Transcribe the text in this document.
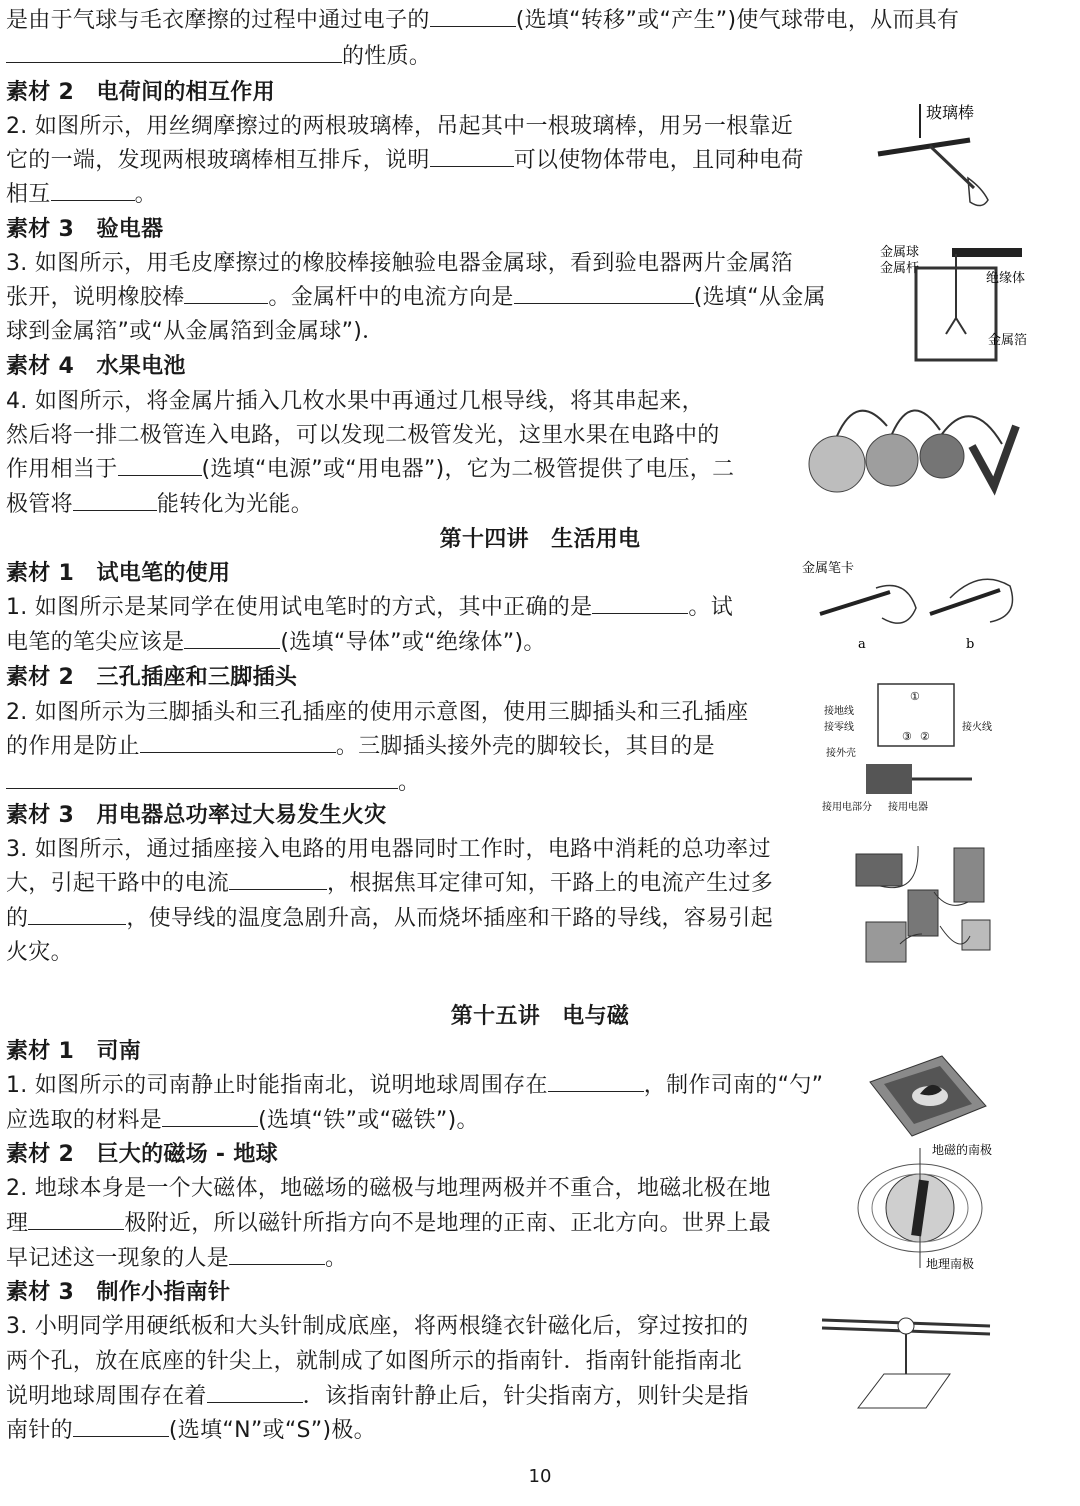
是由于气球与毛衣摩擦的过程中通过电子的	(选填“转移”或“产生”)使气球带电，从而具有
的性质。
素材 2　电荷间的相互作用
2. 如图所示，用丝绸摩擦过的两根玻璃棒，吊起其中一根玻璃棒，用另一根靠近
它的一端，发现两根玻璃棒相互排斥，说明	可以使物体带电，且同种电荷
相互	。
素材 3　验电器
3. 如图所示，用毛皮摩擦过的橡胶棒接触验电器金属球，看到验电器两片金属箔
张开，说明橡胶棒	。金属杆中的电流方向是	(选填“从金属
球到金属箔”或“从金属箔到金属球”)．
素材 4　水果电池
4. 如图所示，将金属片插入几枚水果中再通过几根导线，将其串起来，
然后将一排二极管连入电路，可以发现二极管发光，这里水果在电路中的
作用相当于	(选填“电源”或“用电器”)，它为二极管提供了电压，二
极管将	能转化为光能。
玻璃棒
金属球
金属杆
绝缘体
金属箔
第十四讲　生活用电
素材 1　试电笔的使用
1. 如图所示是某同学在使用试电笔时的方式，其中正确的是	。试
电笔的笔尖应该是	(选填“导体”或“绝缘体”)。
素材 2　三孔插座和三脚插头
2. 如图所示为三脚插头和三孔插座的使用示意图，使用三脚插头和三孔插座
的作用是防止	。三脚插头接外壳的脚较长，其目的是
。
素材 3　用电器总功率过大易发生火灾
3. 如图所示，通过插座接入电路的用电器同时工作时，电路中消耗的总功率过
大，引起干路中的电流	，根据焦耳定律可知，干路上的电流产生过多
的	，使导线的温度急剧升高，从而烧坏插座和干路的导线，容易引起
火灾。
金属笔卡
a	b
接地线
接零线	接火线
①
③ ②
接外壳
接用电部分 接用电器
第十五讲　电与磁
素材 1　司南
1. 如图所示的司南静止时能指南北，说明地球周围存在	，制作司南的“勺”
应选取的材料是	(选填“铁”或“磁铁”)。
素材 2　巨大的磁场 - 地球
2. 地球本身是一个大磁体，地磁场的磁极与地理两极并不重合，地磁北极在地
理	极附近，所以磁针所指方向不是地理的正南、正北方向。世界上最
早记述这一现象的人是	。
素材 3　制作小指南针
3. 小明同学用硬纸板和大头针制成底座，将两根缝衣针磁化后，穿过按扣的
两个孔，放在底座的针尖上，就制成了如图所示的指南针．指南针能指南北
说明地球周围存在着	．该指南针静止后，针尖指南方，则针尖是指
南针的	(选填“N”或“S”)极。
地磁的南极
地理南极
10
